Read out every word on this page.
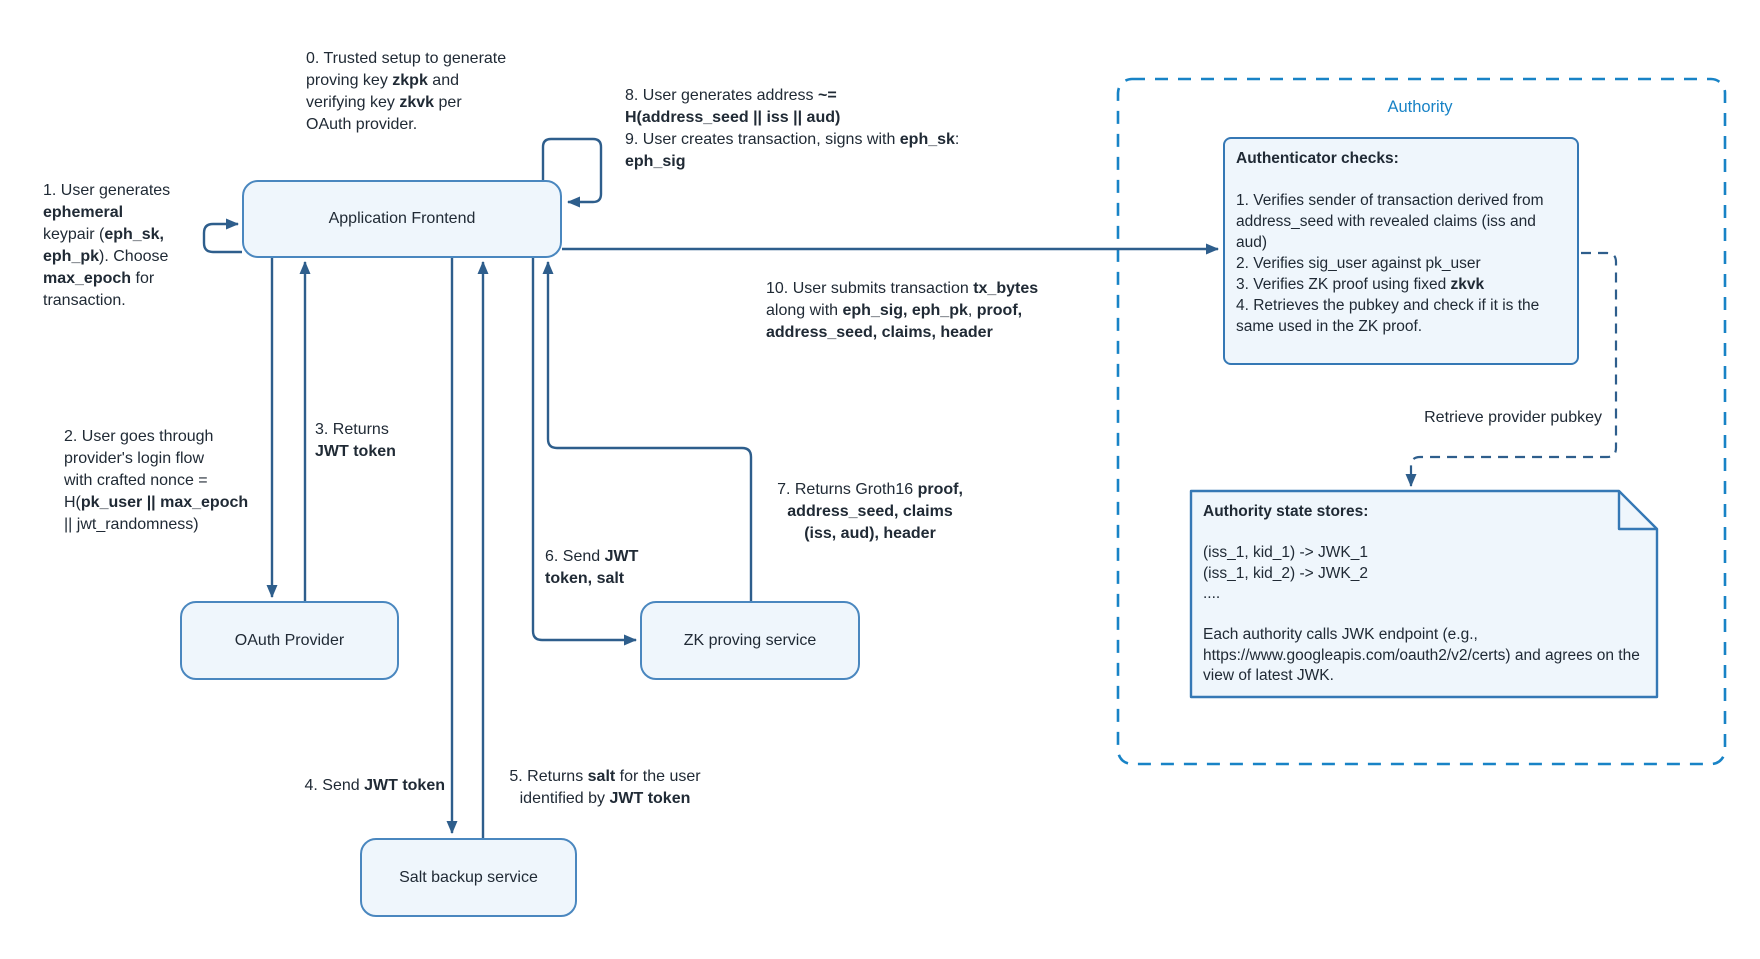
Application Frontend
OAuth Provider	ZK proving service
Salt backup service
Authority
Authenticator checks:

1. Verifies sender of transaction derived from address_seed with revealed claims (iss and aud)
2. Verifies sig_user against pk_user
3. Verifies ZK proof using fixed zkvk
4. Retrieves the pubkey and check if it is the same used in the ZK proof.
Authority state stores:

(iss_1, kid_1) -> JWK_1
(iss_1, kid_2) -> JWK_2
....

Each authority calls JWK endpoint (e.g., https://www.googleapis.com/oauth2/v2/certs) and agrees on the view of latest JWK.
Retrieve provider pubkey
0. Trusted setup to generate
proving key zkpk and
verifying key zkvk per
OAuth provider.
1. User generates
ephemeral
keypair (eph_sk,
eph_pk). Choose
max_epoch for
transaction.
2. User goes through
provider's login flow
with crafted nonce =
H(pk_user || max_epoch
|| jwt_randomness)
3. Returns
JWT token
4. Send JWT token
5. Returns salt for the user
identified by JWT token
6. Send JWT
token, salt
7. Returns Groth16 proof,
address_seed, claims
(iss, aud), header
8. User generates address ~=
H(address_seed || iss || aud)
9. User creates transaction, signs with eph_sk:
eph_sig
10. User submits transaction tx_bytes
along with eph_sig, eph_pk, proof,
address_seed, claims, header
